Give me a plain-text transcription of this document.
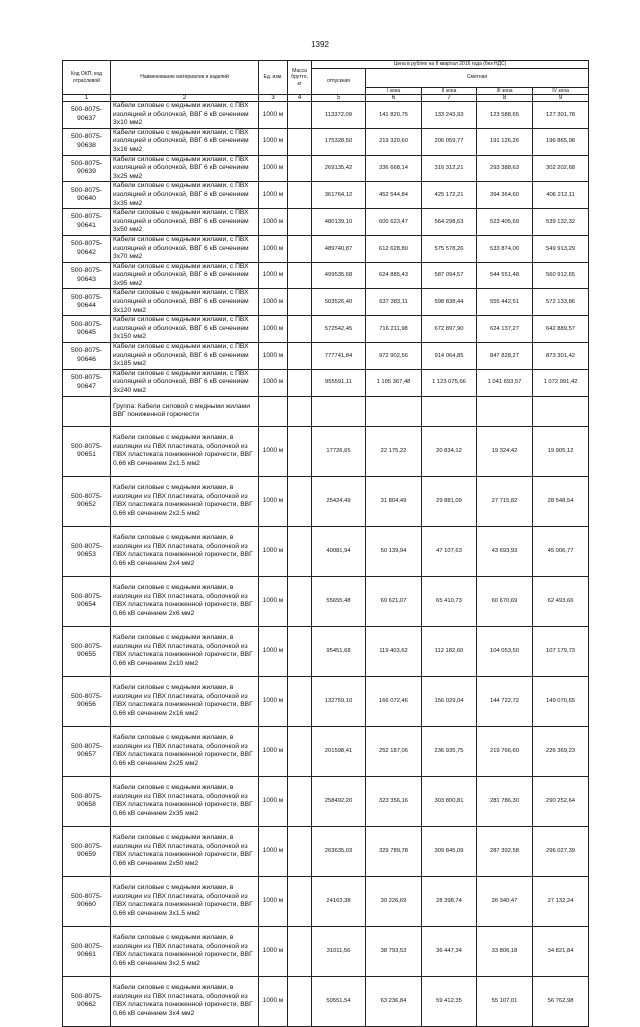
1392
Код ОКП, код отраслевой	Наименование материалов и изделий	Ед. изм.	Масса брутто, кг	Цена в рублях на II квартал 2016 года (без НДС)				
				отпускная	Сметная			
					I зона	II зона	III зона	IV зона
1	2	3	4	5	6	7	8	9
500-8075-90637	Кабели силовые с медными жилами, с ПВХ изоляцией и оболочкой, ВВГ 6 кВ сечением 3х10 мм2	1000 м		113372,09	141 820,75	133 243,93	123 588,65	127 301,78
500-8075-90638	Кабели силовые с медными жилами, с ПВХ изоляцией и оболочкой, ВВГ 6 кВ сечением 3х16 мм2	1000 м		175328,50	219 320,60	206 059,77	191 126,26	196 865,98
500-8075-90639	Кабели силовые с медными жилами, с ПВХ изоляцией и оболочкой, ВВГ 6 кВ сечением 3х25 мм2	1000 м		269135,42	336 668,14	316 312,21	293 388,63	302 202,68
500-8075-90640	Кабели силовые с медными жилами, с ПВХ изоляцией и оболочкой, ВВГ 6 кВ сечением 3х35 мм2	1000 м		361764,12	452 544,84	425 172,21	394 364,60	406 212,11
500-8075-90641	Кабели силовые с медными жилами, с ПВХ изоляцией и оболочкой, ВВГ 6 кВ сечением 3х50 мм2	1000 м		480139,10	600 623,47	564 298,63	523 405,69	539 132,32
500-8075-90642	Кабели силовые с медными жилами, с ПВХ изоляцией и оболочкой, ВВГ 6 кВ сечением 3х70 мм2	1000 м		489740,87	612 628,80	575 578,26	533 874,00	549 913,29
500-8075-90643	Кабели силовые с медными жилами, с ПВХ изоляцией и оболочкой, ВВГ 6 кВ сечением 3х95 мм2	1000 м		499535,68	624 885,43	587 094,57	544 551,48	560 912,65
500-8075-90644	Кабели силовые с медными жилами, с ПВХ изоляцией и оболочкой, ВВГ 6 кВ сечением 3х120 мм2	1000 м		503526,40	637 383,11	598 838,44	555 442,51	572 133,86
500-8075-90645	Кабели силовые с медными жилами, с ПВХ изоляцией и оболочкой, ВВГ 6 кВ сечением 3х150 мм2	1000 м		572542,45	716 211,98	672 897,90	624 137,27	642 889,57
500-8075-90646	Кабели силовые с медными жилами, с ПВХ изоляцией и оболочкой, ВВГ 6 кВ сечением 3х185 мм2	1000 м		777741,84	972 902,56	914 064,85	847 828,27	873 301,42
500-8075-90647	Кабели силовые с медными жилами, с ПВХ изоляцией и оболочкой, ВВГ 6 кВ сечением 3х240 мм2	1000 м		955591,11	1 195 367,48	1 123 075,66	1 041 693,57	1 072 991,42
	Группа: Кабели силовой с медными жилами ВВГ пониженной горючести							
500-8075-90651	Кабели силовые с медными жилами, в изоляции из ПВХ пластиката, оболочкой из ПВХ пластиката пониженной горючести, ВВГ 0.66 кВ сечением 2х1.5 мм2	1000 м		17726,65	22 175,22	20 834,12	19 324,42	19 905,12
500-8075-90652	Кабели силовые с медными жилами, в изоляции из ПВХ пластиката, оболочкой из ПВХ пластиката пониженной горючести, ВВГ 0.66 кВ сечением 2х2.5 мм2	1000 м		25424,49	31 804,49	29 881,09	27 715,82	28 548,54
500-8075-90653	Кабели силовые с медными жилами, в изоляции из ПВХ пластиката, оболочкой из ПВХ пластиката пониженной горючести, ВВГ 0.66 кВ сечением 2х4 мм2	1000 м		40081,94	50 139,94	47 107,63	43 693,93	45 006,77
500-8075-90654	Кабели силовые с медными жилами, в изоляции из ПВХ пластиката, оболочкой из ПВХ пластиката пониженной горючести, ВВГ 0.66 кВ сечением 2х6 мм2	1000 м		55655,48	69 621,07	65 410,73	60 670,69	62 493,66
500-8075-90655	Кабели силовые с медными жилами, в изоляции из ПВХ пластиката, оболочкой из ПВХ пластиката пониженной горючести, ВВГ 0.66 кВ сечением 2х10 мм2	1000 м		95451,68	119 403,62	112 182,60	104 053,50	107 179,73
500-8075-90656	Кабели силовые с медными жилами, в изоляции из ПВХ пластиката, оболочкой из ПВХ пластиката пониженной горючести, ВВГ 0.66 кВ сечением 2х16 мм2	1000 м		132759,10	166 072,46	156 029,04	144 722,72	149 070,65
500-8075-90657	Кабели силовые с медными жилами, в изоляции из ПВХ пластиката, оболочкой из ПВХ пластиката пониженной горючести, ВВГ 0.66 кВ сечением 2х25 мм2	1000 м		201598,41	252 187,06	236 935,75	219 766,60	226 369,23
500-8075-90658	Кабели силовые с медными жилами, в изоляции из ПВХ пластиката, оболочкой из ПВХ пластиката пониженной горючести, ВВГ 0.66 кВ сечением 2х35 мм2	1000 м		258492,20	323 356,16	303 800,81	281 786,30	290 252,64
500-8075-90659	Кабели силовые с медными жилами, в изоляции из ПВХ пластиката, оболочкой из ПВХ пластиката пониженной горючести, ВВГ 0.66 кВ сечением 2х50 мм2	1000 м		263635,03	329 789,78	309 845,09	287 392,58	296 027,39
500-8075-90660	Кабели силовые с медными жилами, в изоляции из ПВХ пластиката, оболочкой из ПВХ пластиката пониженной горючести, ВВГ 0.66 кВ сечением 3х1.5 мм2	1000 м		24163,38	30 226,69	28 398,74	26 340,47	27 132,24
500-8075-90661	Кабели силовые с медными жилами, в изоляции из ПВХ пластиката, оболочкой из ПВХ пластиката пониженной горючести, ВВГ 0.66 кВ сечением 3х2.5 мм2	1000 м		31011,56	38 793,53	36 447,34	33 806,18	34 821,84
500-8075-90662	Кабели силовые с медными жилами, в изоляции из ПВХ пластиката, оболочкой из ПВХ пластиката пониженной горючести, ВВГ 0.66 кВ сечением 3х4 мм2	1000 м		50551,54	63 236,84	59 412,35	55 107,01	56 762,98
